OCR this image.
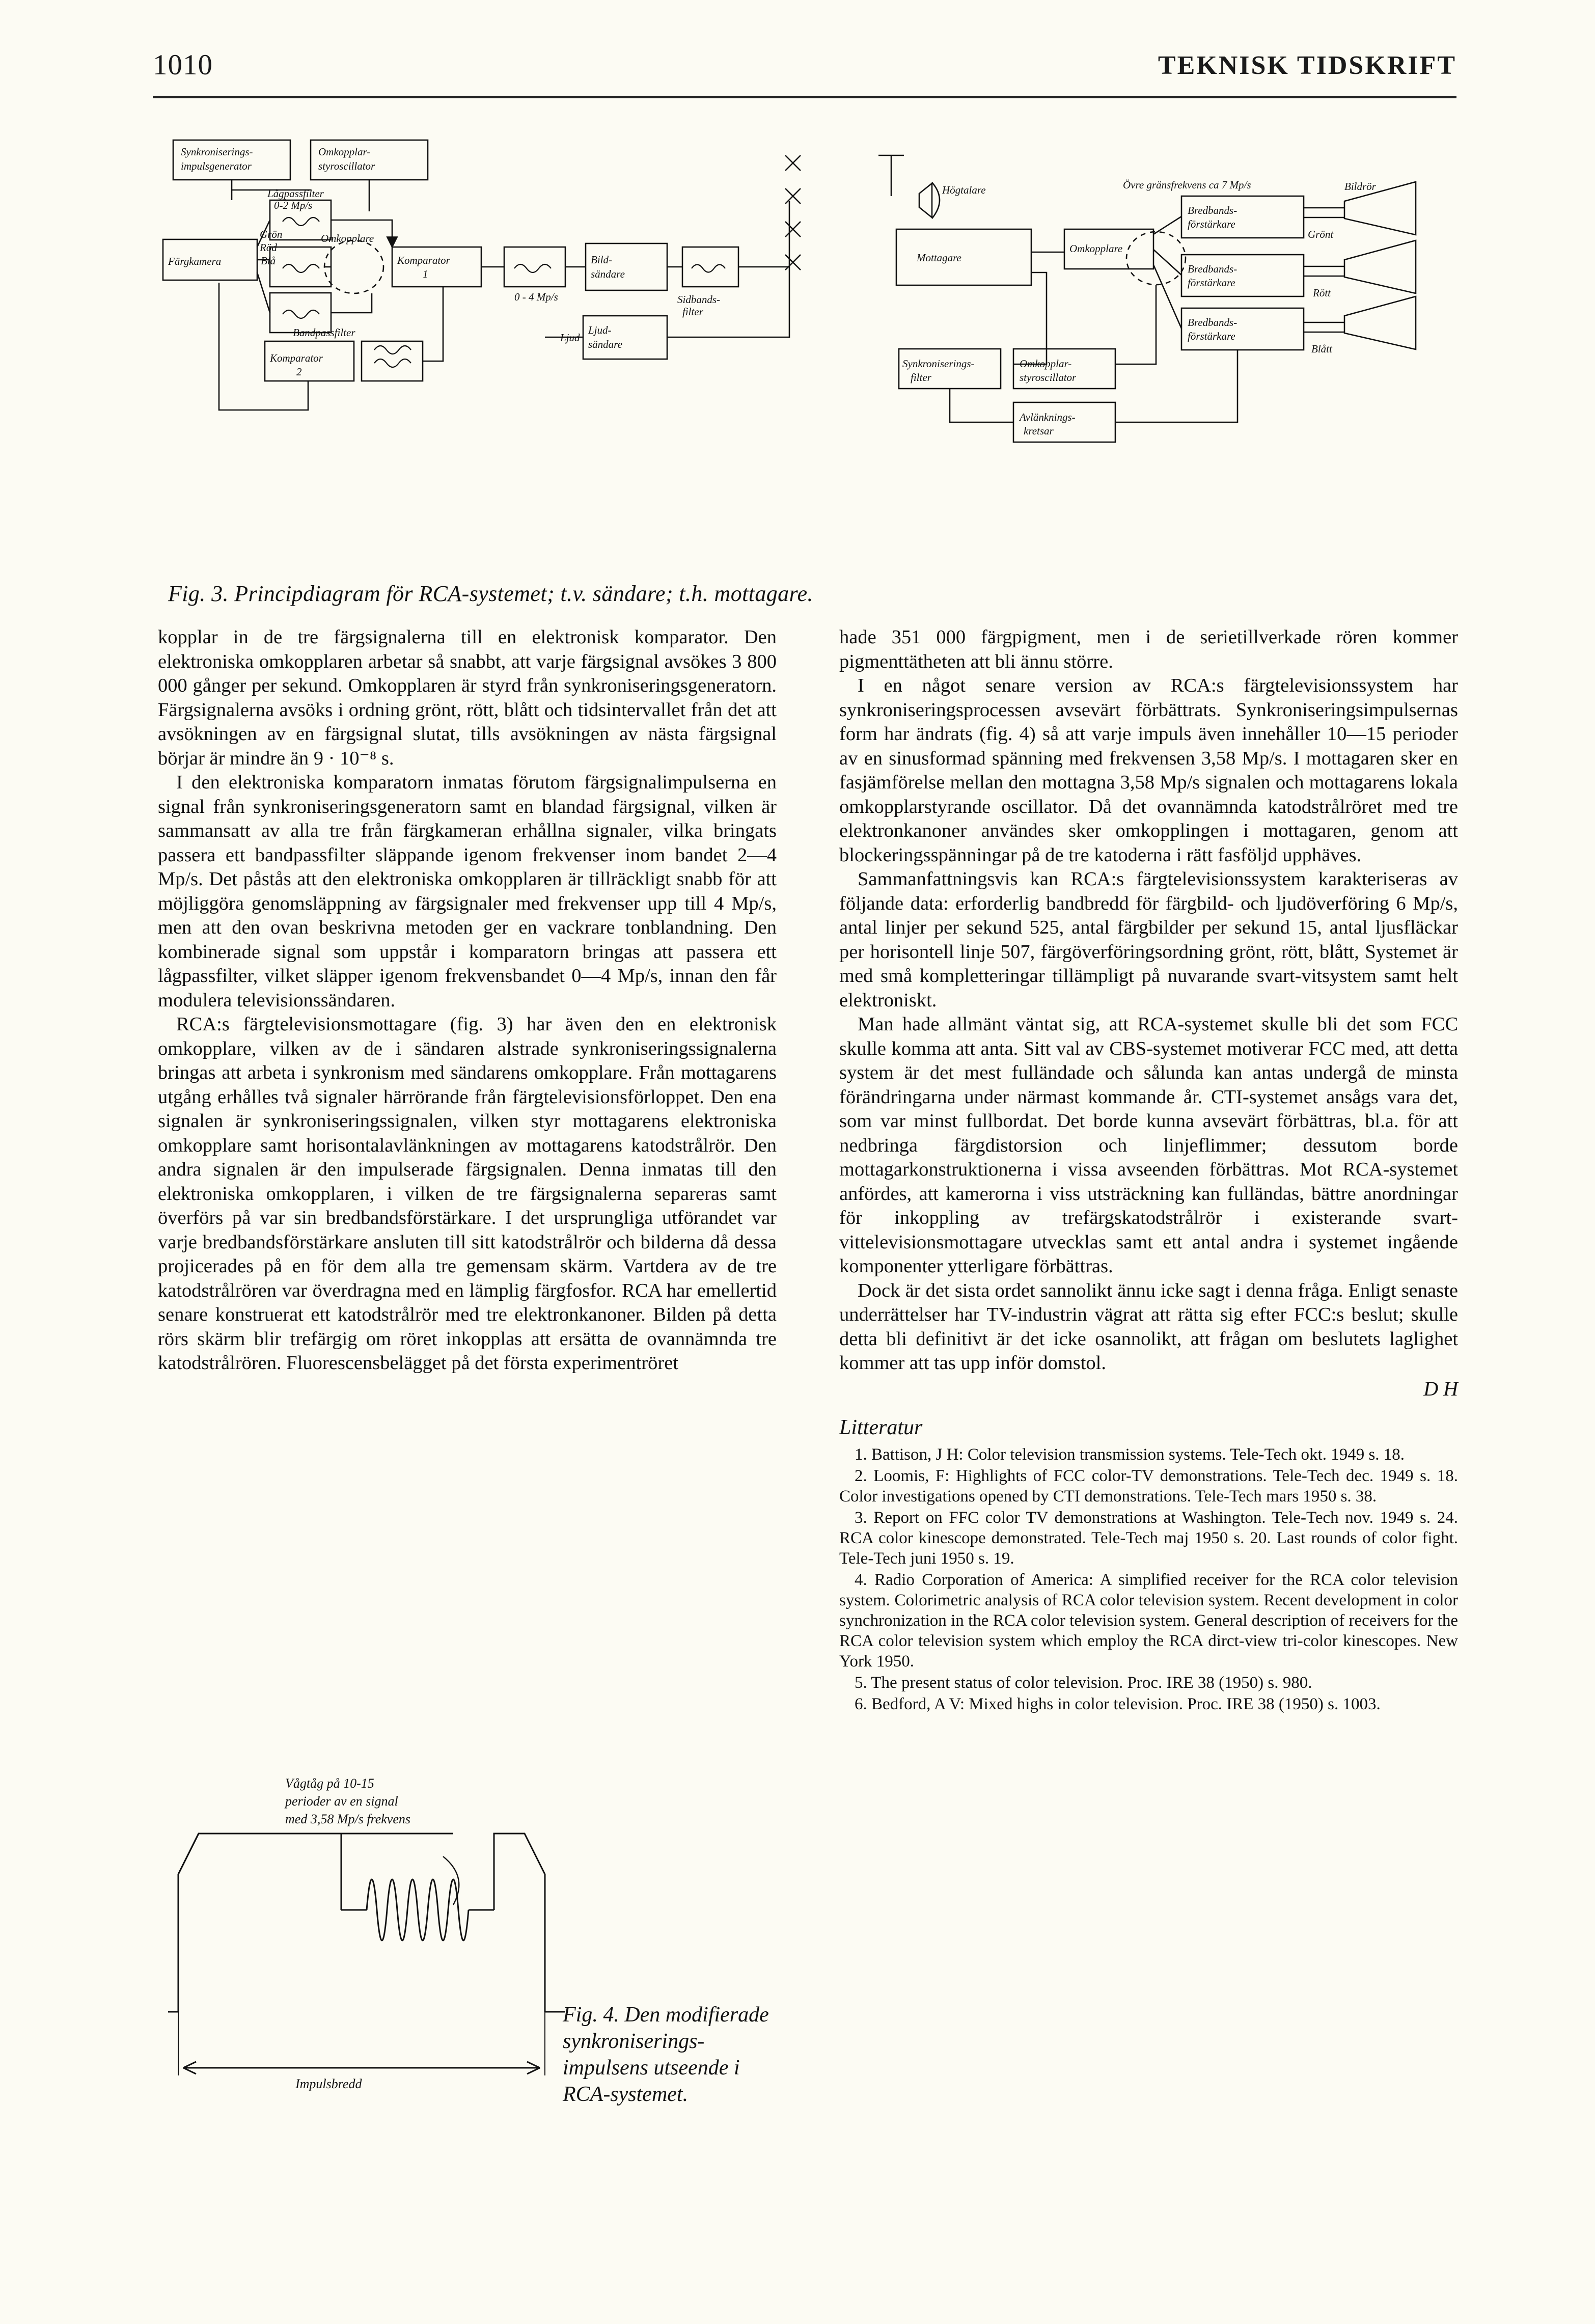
1010	TEKNISK TIDSKRIFT
Synkroniserings-
impulsgenerator
Omkopplar-
styroscillator
Lågpassfilter
0-2 Mp/s
Färgkamera
Grön
Röd
Blå	Komparator
1
Omkopplare
0 - 4 Mp/s
Bild-
sändare
Sidbands-
filter
Ljud
Ljud-
sändare
Komparator
2
Bandpassfilter
Mottagare
Högtalare	Övre gränsfrekvens ca 7 Mp/s
Omkopplare
Bredbands-
förstärkare
Bredbands-
förstärkare
Bredbands-
förstärkare
Bildrör
Grönt
Rött
Blått
Synkroniserings-
filter
Omkopplar-
styroscillator
Avlänknings-
kretsar
Fig. 3. Principdiagram för RCA-systemet; t.v. sändare; t.h. mottagare.

kopplar in de tre färgsignalerna till en elektronisk komparator. Den elektroniska omkopplaren arbetar så snabbt, att varje färgsignal avsökes 3 800 000 gånger per sekund. Omkopplaren är styrd från synkroniseringsgeneratorn. Färgsignalerna avsöks i ordning grönt, rött, blått och tidsintervallet från det att avsökningen av en färgsignal slutat, tills avsökningen av nästa färgsignal börjar är mindre än 9 · 10⁻⁸ s.

I den elektroniska komparatorn inmatas förutom färgsignalimpulserna en signal från synkroniseringsgeneratorn samt en blandad färgsignal, vilken är sammansatt av alla tre från färgkameran erhållna signaler, vilka bringats passera ett bandpassfilter släppande igenom frekvenser inom bandet 2—4 Mp/s. Det påstås att den elektroniska omkopplaren är tillräckligt snabb för att möjliggöra genomsläppning av färgsignaler med frekvenser upp till 4 Mp/s, men att den ovan beskrivna metoden ger en vackrare tonblandning. Den kombinerade signal som uppstår i komparatorn bringas att passera ett lågpassfilter, vilket släpper igenom frekvensbandet 0—4 Mp/s, innan den får modulera televisionssändaren.

RCA:s färgtelevisionsmottagare (fig. 3) har även den en elektronisk omkopplare, vilken av de i sändaren alstrade synkroniseringssignalerna bringas att arbeta i synkronism med sändarens omkopplare. Från mottagarens utgång erhålles två signaler härrörande från färgtelevisionsförloppet. Den ena signalen är synkroniseringssignalen, vilken styr mottagarens elektroniska omkopplare samt horisontalavlänkningen av mottagarens katodstrålrör. Den andra signalen är den impulserade färgsignalen. Denna inmatas till den elektroniska omkopplaren, i vilken de tre färgsignalerna separeras samt överförs på var sin bredbandsförstärkare. I det ursprungliga utförandet var varje bredbandsförstärkare ansluten till sitt katodstrålrör och bilderna då dessa projicerades på en för dem alla tre gemensam skärm. Vartdera av de tre katodstrålrören var överdragna med en lämplig färgfosfor. RCA har emellertid senare konstruerat ett katodstrålrör med tre elektronkanoner. Bilden på detta rörs skärm blir trefärgig om röret inkopplas att ersätta de ovannämnda tre katodstrålrören. Fluorescensbelägget på det första experimentröret

hade 351 000 färgpigment, men i de serietillverkade rören kommer pigmenttätheten att bli ännu större.

I en något senare version av RCA:s färgtelevisionssystem har synkroniseringsprocessen avsevärt förbättrats. Synkroniseringsimpulsernas form har ändrats (fig. 4) så att varje impuls även innehåller 10—15 perioder av en sinusformad spänning med frekvensen 3,58 Mp/s. I mottagaren sker en fasjämförelse mellan den mottagna 3,58 Mp/s signalen och mottagarens lokala omkopplarstyrande oscillator. Då det ovannämnda katodstrålröret med tre elektronkanoner användes sker omkopplingen i mottagaren, genom att blockeringsspänningar på de tre katoderna i rätt fasföljd upphäves.

Sammanfattningsvis kan RCA:s färgtelevisionssystem karakteriseras av följande data: erforderlig bandbredd för färgbild- och ljudöverföring 6 Mp/s, antal linjer per sekund 525, antal färgbilder per sekund 15, antal ljusfläckar per horisontell linje 507, färgöverföringsordning grönt, rött, blått, Systemet är med små kompletteringar tillämpligt på nuvarande svart-vitsystem samt helt elektroniskt.

Man hade allmänt väntat sig, att RCA-systemet skulle bli det som FCC skulle komma att anta. Sitt val av CBS-systemet motiverar FCC med, att detta system är det mest fulländade och sålunda kan antas undergå de minsta förändringarna under närmast kommande år. CTI-systemet ansågs vara det, som var minst fullbordat. Det borde kunna avsevärt förbättras, bl.a. för att nedbringa färgdistorsion och linjeflimmer; dessutom borde mottagarkonstruktionerna i vissa avseenden förbättras. Mot RCA-systemet anfördes, att kamerorna i viss utsträckning kan fulländas, bättre anordningar för inkoppling av trefärgskatodstrålrör i existerande svart-vittelevisionsmottagare utvecklas samt ett antal andra i systemet ingående komponenter ytterligare förbättras.

Dock är det sista ordet sannolikt ännu icke sagt i denna fråga. Enligt senaste underrättelser har TV-industrin vägrat att rätta sig efter FCC:s beslut; skulle detta bli definitivt är det icke osannolikt, att frågan om beslutets laglighet kommer att tas upp inför domstol.

D H
Litteratur

1. Battison, J H: Color television transmission systems. Tele-Tech okt. 1949 s. 18.

2. Loomis, F: Highlights of FCC color-TV demonstrations. Tele-Tech dec. 1949 s. 18. Color investigations opened by CTI demonstrations. Tele-Tech mars 1950 s. 38.

3. Report on FFC color TV demonstrations at Washington. Tele-Tech nov. 1949 s. 24. RCA color kinescope demonstrated. Tele-Tech maj 1950 s. 20. Last rounds of color fight. Tele-Tech juni 1950 s. 19.

4. Radio Corporation of America: A simplified receiver for the RCA color television system. Colorimetric analysis of RCA color television system. Recent development in color synchronization in the RCA color television system. General description of receivers for the RCA color television system which employ the RCA dirct-view tri-color kinescopes. New York 1950.

5. The present status of color television. Proc. IRE 38 (1950) s. 980.

6. Bedford, A V: Mixed highs in color television. Proc. IRE 38 (1950) s. 1003.

Vågtåg på 10-15
perioder av en signal
med 3,58 Mp/s frekvens
Impulsbredd
Fig. 4. Den modifierade synkroniserings-impulsens utseende i RCA-systemet.
